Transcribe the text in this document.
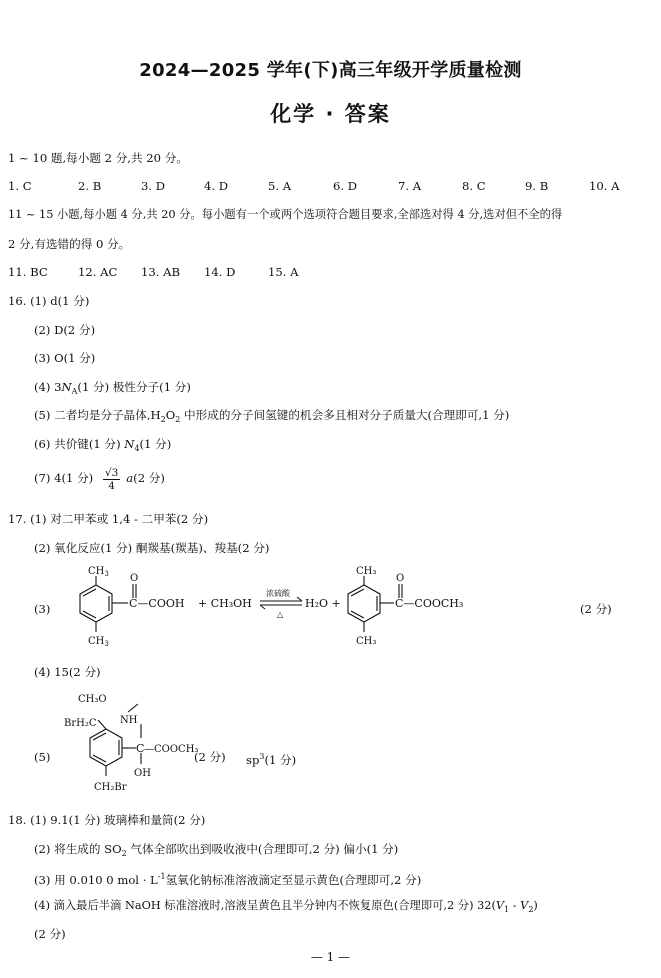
2024—2025 学年(下)高三年级开学质量检测
化学 · 答案
1 ~ 10 题,每小题 2 分,共 20 分。
1. C	2. B	3. D	4. D	5. A	6. D	7. A	8. C	9. B	10. A
11 ~ 15 小题,每小题 4 分,共 20 分。每小题有一个或两个选项符合题目要求,全部选对得 4 分,选对但不全的得
2 分,有选错的得 0 分。
11. BC	12. AC 13. AB 14. D	15. A
16. (1) d(1 分)
(2) D(2 分)
(3) O(1 分)
(4) $3N_A(1$ 分) 极性分子(1 分)
(5) 二者均是分子晶体$,H_2O_2$ 中形成的分子间氢键的机会多且相对分子质量大(合理即可,1 分)
(6) 共价键(1 分) $N_4(1$ 分)
(7) 4(1 分) $\frac{√3}{4} a(2$ 分)
17. (1) 对二甲苯或 1,4 - 二甲苯(2 分)
(2) 氧化反应(1 分) 酮羰基(羰基)、羧基(2 分)
(3)
$CH_3$
$CH_3$
O
C—COOH + CH₃OH
浓硫酸
△
H₂O +
CH₃
CH₃
O
C—COOCH₃	(2 分)
(4) 15(2 分)
(5)
CH₃O
NH
BrH₂C
C —COOCH₃
OH
CH₂Br
(2 分) $sp^3(1$ 分)
18. (1) 9.1(1 分) 玻璃棒和量筒(2 分)
(2) 将生成的 $SO_2$ 气体全部吹出到吸收液中(合理即可,2 分) 偏小(1 分)
(3) 用 0.010 0 mol · $L^{-1}$氢氧化钠标准溶液滴定至显示黄色(合理即可,2 分)
(4) 滴入最后半滴 NaOH 标准溶液时,溶液呈黄色且半分钟内不恢复原色(合理即可,2 分) $32(V_1 - V_2)$
(2 分)
— 1 —
